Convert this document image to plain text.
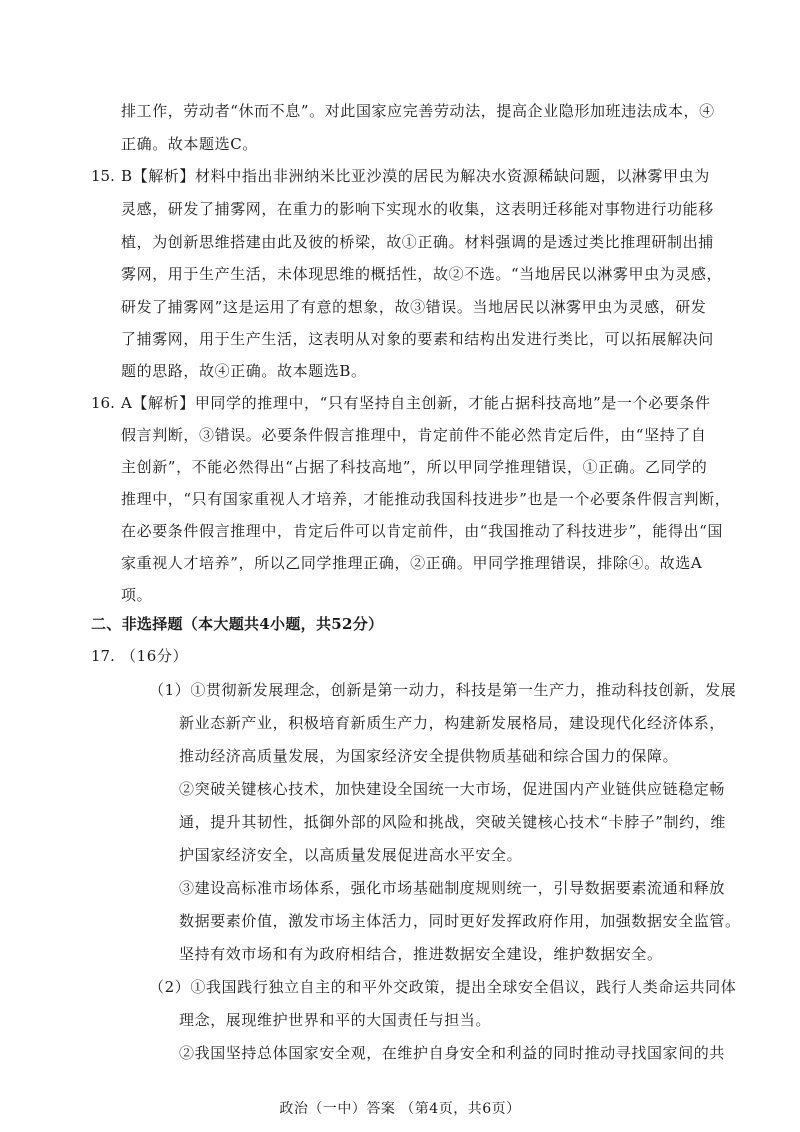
排工作，劳动者“休而不息”。对此国家应完善劳动法，提高企业隐形加班违法成本，④
正确。故本题选C。
15. B【解析】材料中指出非洲纳米比亚沙漠的居民为解决水资源稀缺问题，以淋雾甲虫为
灵感，研发了捕雾网，在重力的影响下实现水的收集，这表明迁移能对事物进行功能移
植，为创新思维搭建由此及彼的桥梁，故①正确。材料强调的是透过类比推理研制出捕
雾网，用于生产生活，未体现思维的概括性，故②不选。“当地居民以淋雾甲虫为灵感，
研发了捕雾网”这是运用了有意的想象，故③错误。当地居民以淋雾甲虫为灵感，研发
了捕雾网，用于生产生活，这表明从对象的要素和结构出发进行类比，可以拓展解决问
题的思路，故④正确。故本题选B。
16. A【解析】甲同学的推理中，“只有坚持自主创新，才能占据科技高地”是一个必要条件
假言判断，③错误。必要条件假言推理中，肯定前件不能必然肯定后件，由“坚持了自
主创新”，不能必然得出“占据了科技高地”，所以甲同学推理错误，①正确。乙同学的
推理中，“只有国家重视人才培养，才能推动我国科技进步”也是一个必要条件假言判断，
在必要条件假言推理中，肯定后件可以肯定前件，由“我国推动了科技进步”，能得出“国
家重视人才培养”，所以乙同学推理正确，②正确。甲同学推理错误，排除④。故选A
项。
二、非选择题（本大题共4小题，共52分）
17. （16分）
（1）①贯彻新发展理念，创新是第一动力，科技是第一生产力，推动科技创新，发展
新业态新产业，积极培育新质生产力，构建新发展格局，建设现代化经济体系，
推动经济高质量发展，为国家经济安全提供物质基础和综合国力的保障。
②突破关键核心技术，加快建设全国统一大市场，促进国内产业链供应链稳定畅
通，提升其韧性，抵御外部的风险和挑战，突破关键核心技术“卡脖子”制约，维
护国家经济安全，以高质量发展促进高水平安全。
③建设高标准市场体系，强化市场基础制度规则统一，引导数据要素流通和释放
数据要素价值，激发市场主体活力，同时更好发挥政府作用，加强数据安全监管。
坚持有效市场和有为政府相结合，推进数据安全建设，维护数据安全。
（2）①我国践行独立自主的和平外交政策，提出全球安全倡议，践行人类命运共同体
理念，展现维护世界和平的大国责任与担当。
②我国坚持总体国家安全观，在维护自身安全和利益的同时推动寻找国家间的共
政治（一中）答案 （第4页，共6页）
